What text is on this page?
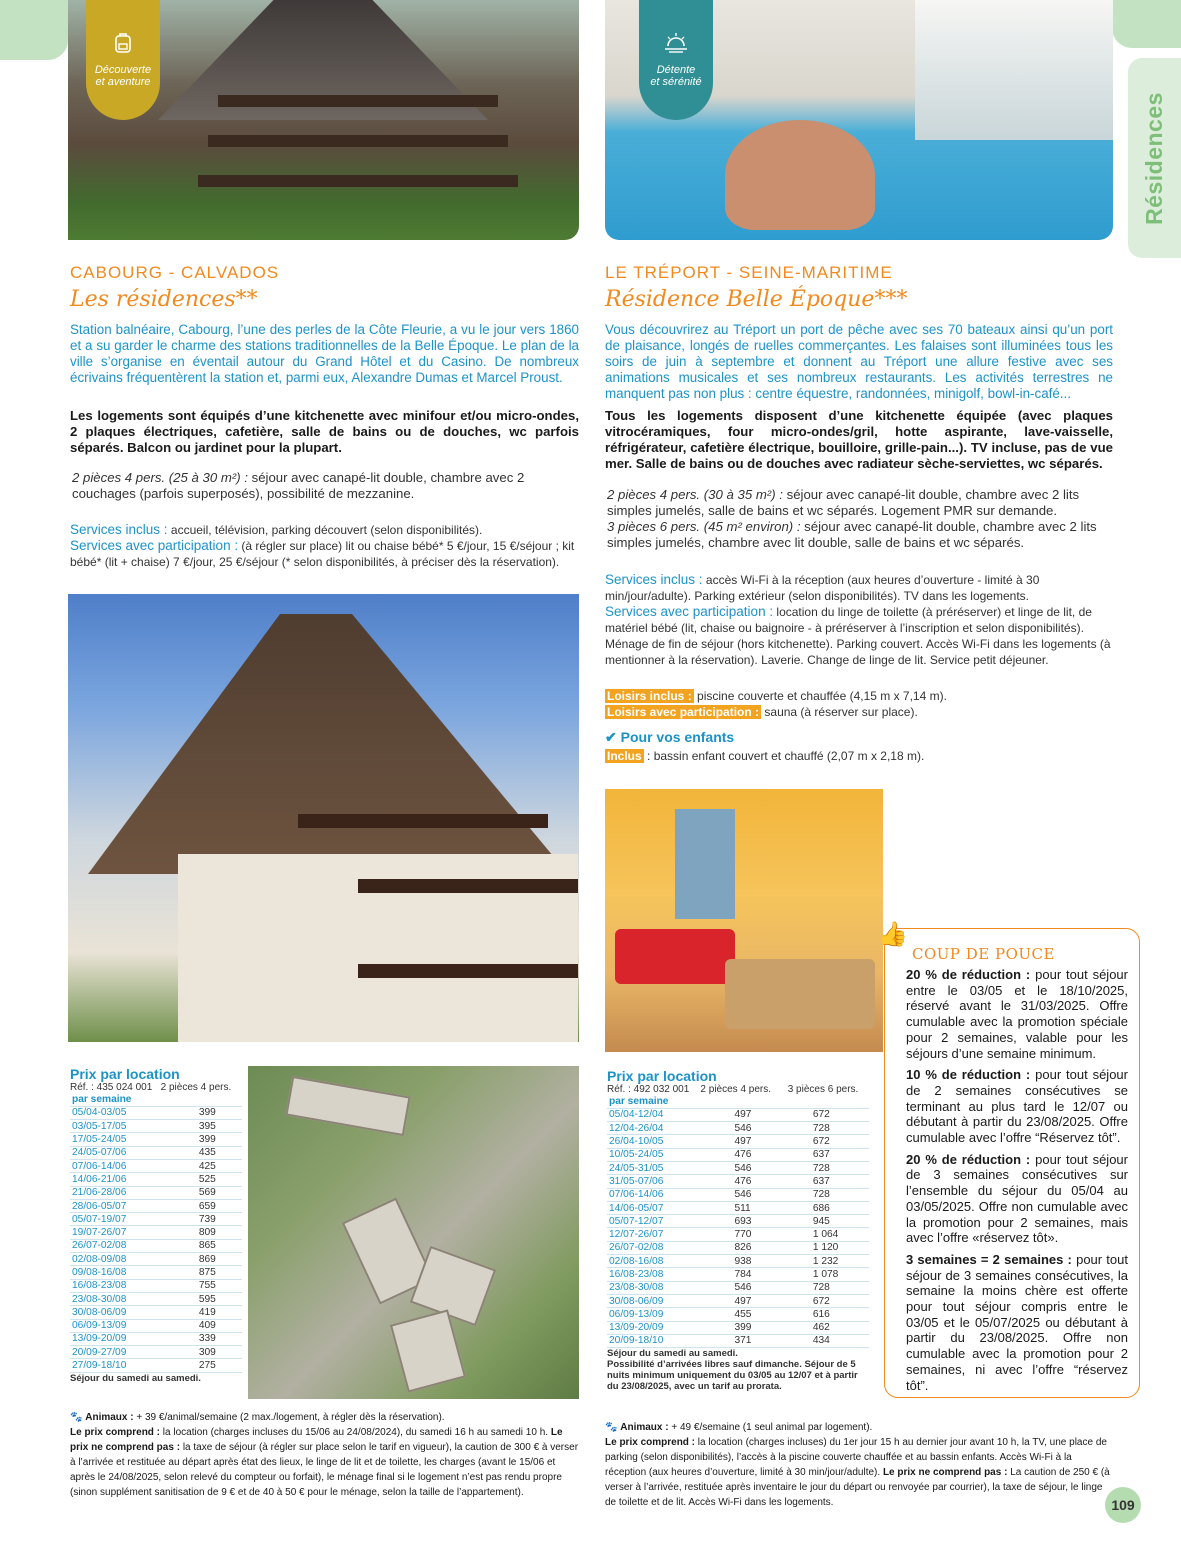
Résidences
Découverte
et aventure
Détente
et sérénité
CABOURG - CALVADOS
Les résidences**
Station balnéaire, Cabourg, l’une des perles de la Côte Fleurie, a vu le jour vers 1860 et a su garder le charme des stations traditionnelles de la Belle Époque. Le plan de la ville s’organise en éventail autour du Grand Hôtel et du Casino. De nombreux écrivains fréquentèrent la station et, parmi eux, Alexandre Dumas et Marcel Proust.
Les logements sont équipés d’une kitchenette avec minifour et/ou micro-ondes, 2 plaques électriques, cafetière, salle de bains ou de douches, wc parfois séparés. Balcon ou jardinet pour la plupart.
2 pièces 4 pers. (25 à 30 m²) : séjour avec canapé-lit double, chambre avec 2 couchages (parfois superposés), possibilité de mezzanine.
Services inclus : accueil, télévision, parking découvert (selon disponibilités).
Services avec participation : (à régler sur place) lit ou chaise bébé* 5 €/jour, 15 €/séjour ; kit bébé* (lit + chaise) 7 €/jour, 25 €/séjour (* selon disponibilités, à préciser dès la réservation).
Prix par location
Réf. : 435 024 001 2 pièces 4 pers.
par semaine	
05/04-03/05	399
03/05-17/05	395
17/05-24/05	399
24/05-07/06	435
07/06-14/06	425
14/06-21/06	525
21/06-28/06	569
28/06-05/07	659
05/07-19/07	739
19/07-26/07	809
26/07-02/08	865
02/08-09/08	869
09/08-16/08	875
16/08-23/08	755
23/08-30/08	595
30/08-06/09	419
06/09-13/09	409
13/09-20/09	339
20/09-27/09	309
27/09-18/10	275
Séjour du samedi au samedi.
🐾 Animaux : + 39 €/animal/semaine (2 max./logement, à régler dès la réservation).
Le prix comprend : la location (charges incluses du 15/06 au 24/08/2024), du samedi 16 h au samedi 10 h. Le prix ne comprend pas : la taxe de séjour (à régler sur place selon le tarif en vigueur), la caution de 300 € à verser à l’arrivée et restituée au départ après état des lieux, le linge de lit et de toilette, les charges (avant le 15/06 et après le 24/08/2025, selon relevé du compteur ou forfait), le ménage final si le logement n’est pas rendu propre (sinon supplément sanitisation de 9 € et de 40 à 50 € pour le ménage, selon la taille de l’appartement).
LE TRÉPORT - SEINE-MARITIME
Résidence Belle Époque***
Vous découvrirez au Tréport un port de pêche avec ses 70 bateaux ainsi qu’un port de plaisance, longés de ruelles commerçantes. Les falaises sont illuminées tous les soirs de juin à septembre et donnent au Tréport une allure festive avec ses animations musicales et ses nombreux restaurants. Les activités terrestres ne manquent pas non plus : centre équestre, randonnées, minigolf, bowl-in-café...
Tous les logements disposent d’une kitchenette équipée (avec plaques vitrocéramiques, four micro-ondes/gril, hotte aspirante, lave-vaisselle, réfrigérateur, cafetière électrique, bouilloire, grille-pain...). TV incluse, pas de vue mer. Salle de bains ou de douches avec radiateur sèche-serviettes, wc séparés.
2 pièces 4 pers. (30 à 35 m²) : séjour avec canapé-lit double, chambre avec 2 lits simples jumelés, salle de bains et wc séparés. Logement PMR sur demande.
3 pièces 6 pers. (45 m² environ) : séjour avec canapé-lit double, chambre avec 2 lits simples jumelés, chambre avec lit double, salle de bains et wc séparés.
Services inclus : accès Wi-Fi à la réception (aux heures d’ouverture - limité à 30 min/jour/adulte). Parking extérieur (selon disponibilités). TV dans les logements.
Services avec participation : location du linge de toilette (à préréserver) et linge de lit, de matériel bébé (lit, chaise ou baignoire - à préréserver à l’inscription et selon disponibilités). Ménage de fin de séjour (hors kitchenette). Parking couvert. Accès Wi-Fi dans les logements (à mentionner à la réservation). Laverie. Change de linge de lit. Service petit déjeuner.
Loisirs inclus : piscine couverte et chauffée (4,15 m x 7,14 m).
Loisirs avec participation : sauna (à réserver sur place).
✔ Pour vos enfants
Inclus : bassin enfant couvert et chauffé (2,07 m x 2,18 m).
Prix par location
Réf. : 492 032 001 2 pièces 4 pers. 3 pièces 6 pers.
par semaine		
05/04-12/04	497	672
12/04-26/04	546	728
26/04-10/05	497	672
10/05-24/05	476	637
24/05-31/05	546	728
31/05-07/06	476	637
07/06-14/06	546	728
14/06-05/07	511	686
05/07-12/07	693	945
12/07-26/07	770	1 064
26/07-02/08	826	1 120
02/08-16/08	938	1 232
16/08-23/08	784	1 078
23/08-30/08	546	728
30/08-06/09	497	672
06/09-13/09	455	616
13/09-20/09	399	462
20/09-18/10	371	434
Séjour du samedi au samedi.
Possibilité d’arrivées libres sauf dimanche. Séjour de 5 nuits minimum uniquement du 03/05 au 12/07 et à partir du 23/08/2025, avec un tarif au prorata.
👍
COUP DE POUCE

20 % de réduction : pour tout séjour entre le 03/05 et le 18/10/2025, réservé avant le 31/03/2025. Offre cumulable avec la promotion spéciale pour 2 semaines, valable pour les séjours d’une semaine minimum.

10 % de réduction : pour tout séjour de 2 semaines consécutives se terminant au plus tard le 12/07 ou débutant à partir du 23/08/2025. Offre cumulable avec l’offre “Réservez tôt”.

20 % de réduction : pour tout séjour de 3 semaines consécutives sur l’ensemble du séjour du 05/04 au 03/05/2025. Offre non cumulable avec la promotion pour 2 semaines, mais avec l’offre «réservez tôt».

3 semaines = 2 semaines : pour tout séjour de 3 semaines consécutives, la semaine la moins chère est offerte pour tout séjour compris entre le 03/05 et le 05/07/2025 ou débutant à partir du 23/08/2025. Offre non cumulable avec la promotion pour 2 semaines, ni avec l’offre “réservez tôt”.

🐾 Animaux : + 49 €/semaine (1 seul animal par logement).
Le prix comprend : la location (charges incluses) du 1er jour 15 h au dernier jour avant 10 h, la TV, une place de parking (selon disponibilités), l’accès à la piscine couverte chauffée et au bassin enfants. Accès Wi-Fi à la réception (aux heures d’ouverture, limité à 30 min/jour/adulte). Le prix ne comprend pas : La caution de 250 € (à verser à l’arrivée, restituée après inventaire le jour du départ ou renvoyée par courrier), la taxe de séjour, le linge de toilette et de lit. Accès Wi-Fi dans les logements.	109
